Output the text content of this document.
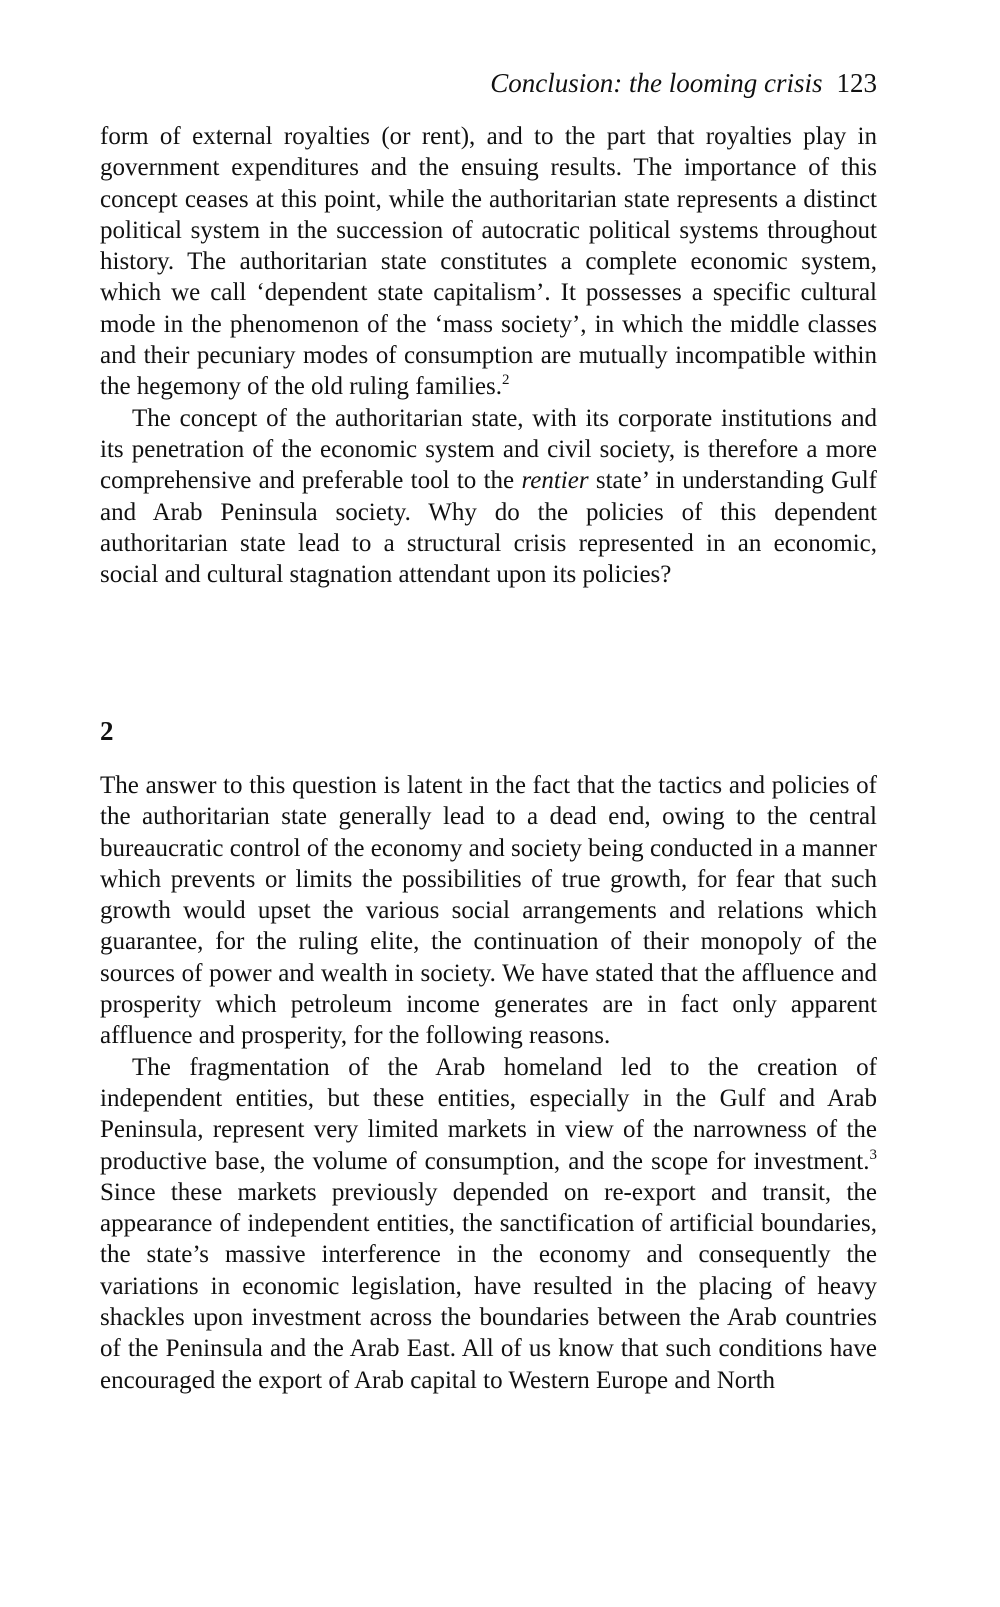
Conclusion: the looming crisis 123

form of external royalties (or rent), and to the part that royalties play in government expenditures and the ensuing results. The importance of this concept ceases at this point, while the authoritarian state represents a distinct political system in the succession of autocratic political systems throughout history. The authoritarian state constitutes a complete economic system, which we call ‘dependent state capitalism’. It possesses a specific cultural mode in the phenomenon of the ‘mass society’, in which the middle classes and their pecuniary modes of consumption are mutually incompatible within the hegemony of the old ruling families.$^2$

The concept of the authoritarian state, with its corporate institutions and its penetration of the economic system and civil society, is therefore a more comprehensive and preferable tool to the rentier state’ in understanding Gulf and Arab Peninsula society. Why do the policies of this dependent authoritarian state lead to a structural crisis represented in an economic, social and cultural stagnation attendant upon its policies?

2

The answer to this question is latent in the fact that the tactics and policies of the authoritarian state generally lead to a dead end, owing to the central bureaucratic control of the economy and society being conducted in a manner which prevents or limits the possibilities of true growth, for fear that such growth would upset the various social arrangements and relations which guarantee, for the ruling elite, the continuation of their monopoly of the sources of power and wealth in society. We have stated that the affluence and prosperity which petroleum income generates are in fact only apparent affluence and prosperity, for the following reasons.

The fragmentation of the Arab homeland led to the creation of independent entities, but these entities, especially in the Gulf and Arab Peninsula, represent very limited markets in view of the narrowness of the productive base, the volume of consumption, and the scope for investment.$^3$ Since these markets previously depended on re-export and transit, the appearance of independent entities, the sanctification of artificial boundaries, the state’s massive interference in the economy and consequently the variations in economic legislation, have resulted in the placing of heavy shackles upon investment across the boundaries between the Arab countries of the Peninsula and the Arab East. All of us know that such conditions have encouraged the export of Arab capital to Western Europe and North
